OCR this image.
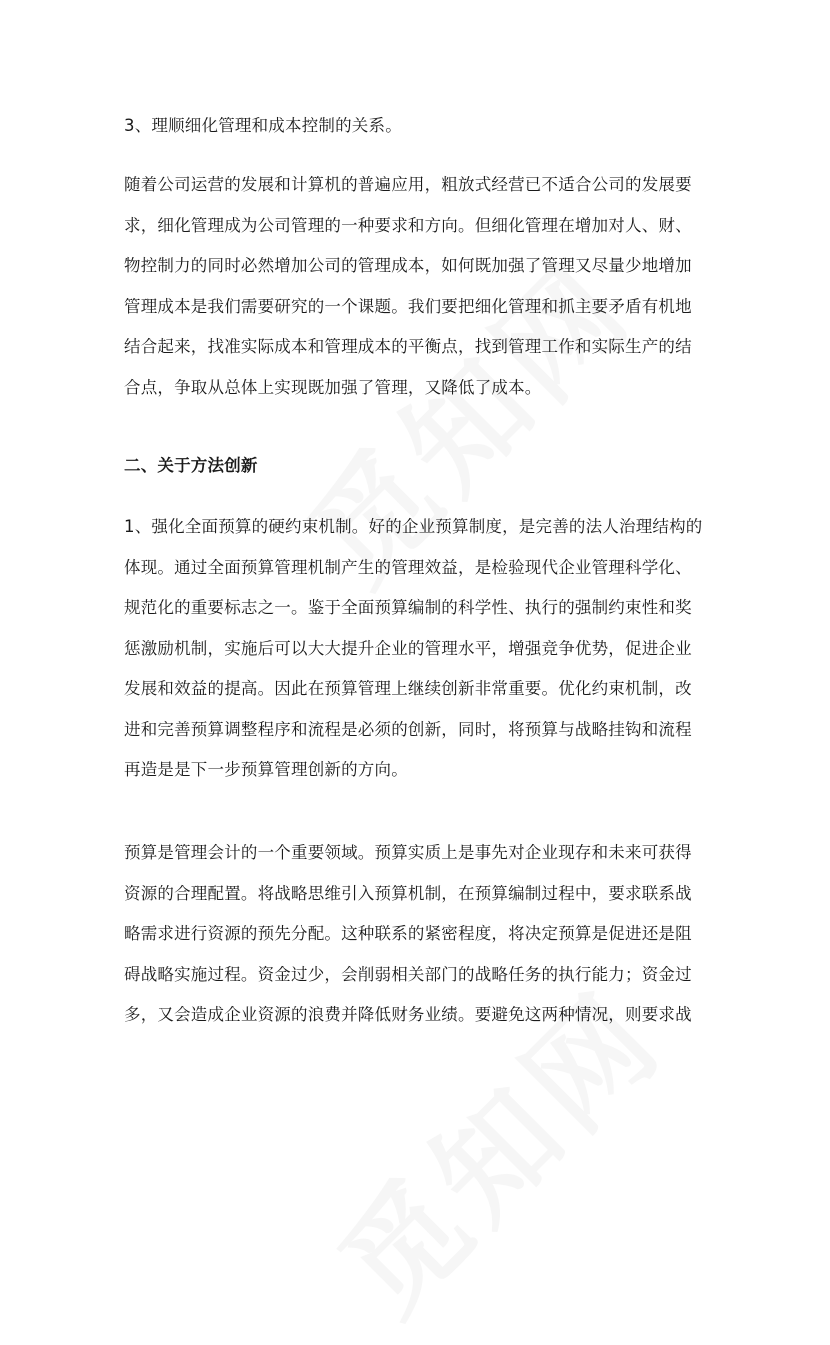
3、理顺细化管理和成本控制的关系。
随着公司运营的发展和计算机的普遍应用，粗放式经营已不适合公司的发展要
求，细化管理成为公司管理的一种要求和方向。但细化管理在增加对人、财、
物控制力的同时必然增加公司的管理成本，如何既加强了管理又尽量少地增加
管理成本是我们需要研究的一个课题。我们要把细化管理和抓主要矛盾有机地
结合起来，找准实际成本和管理成本的平衡点，找到管理工作和实际生产的结
合点，争取从总体上实现既加强了管理，又降低了成本。
二、关于方法创新
1、强化全面预算的硬约束机制。好的企业预算制度，是完善的法人治理结构的
体现。通过全面预算管理机制产生的管理效益，是检验现代企业管理科学化、
规范化的重要标志之一。鉴于全面预算编制的科学性、执行的强制约束性和奖
惩激励机制，实施后可以大大提升企业的管理水平，增强竞争优势，促进企业
发展和效益的提高。因此在预算管理上继续创新非常重要。优化约束机制，改
进和完善预算调整程序和流程是必须的创新，同时，将预算与战略挂钩和流程
再造是是下一步预算管理创新的方向。
预算是管理会计的一个重要领域。预算实质上是事先对企业现存和未来可获得
资源的合理配置。将战略思维引入预算机制，在预算编制过程中，要求联系战
略需求进行资源的预先分配。这种联系的紧密程度，将决定预算是促进还是阻
碍战略实施过程。资金过少，会削弱相关部门的战略任务的执行能力；资金过
多，又会造成企业资源的浪费并降低财务业绩。要避免这两种情况，则要求战
